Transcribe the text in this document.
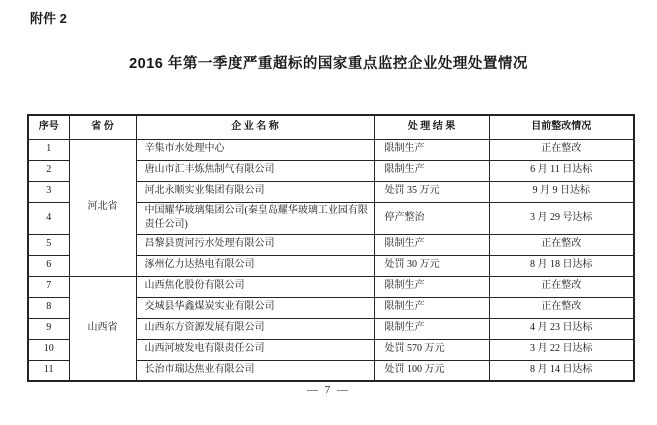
附件 2
2016 年第一季度严重超标的国家重点监控企业处理处置情况
序号	省 份	企 业 名 称	处 理 结 果	目前整改情况
1	河北省	辛集市水处理中心	限制生产	正在整改
2		唐山市汇丰炼焦制气有限公司	限制生产	6 月 11 日达标
3		河北永顺实业集团有限公司	处罚 35 万元	9 月 9 日达标
4		中国耀华玻璃集团公司(秦皇岛耀华玻璃工业园有限责任公司)	停产整治	3 月 29 号达标
5		昌黎县贾河污水处理有限公司	限制生产	正在整改
6		涿州亿力达热电有限公司	处罚 30 万元	8 月 18 日达标
7	山西省	山西焦化股份有限公司	限制生产	正在整改
8		交城县华鑫煤炭实业有限公司	限制生产	正在整改
9		山西东方资源发展有限公司	限制生产	4 月 23 日达标
10		山西河坡发电有限责任公司	处罚 570 万元	3 月 22 日达标
11		长治市瑞达焦业有限公司	处罚 100 万元	8 月 14 日达标
— 7 —
